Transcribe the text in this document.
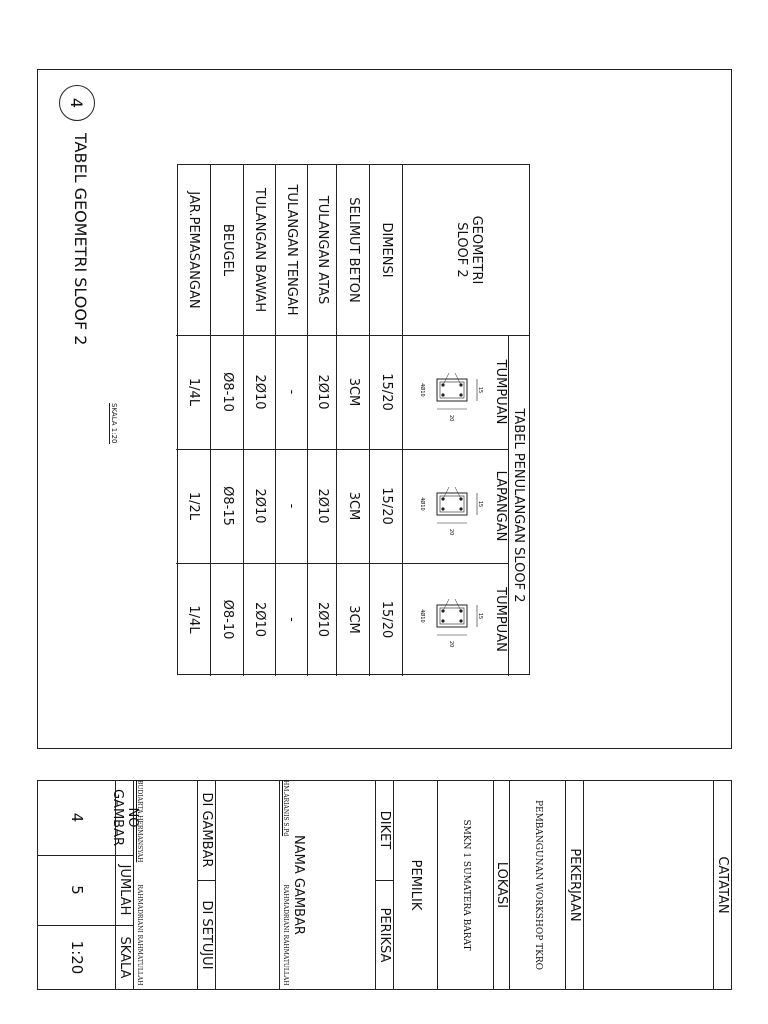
4
TABEL GEOMETRI SLOOF 2
SKALA 1:20	TABEL PENULANGAN SLOOF 2
GEOMETRI SLOOF 2
TUMPUAN
LAPANGAN
TUMPUAN
15
20
4Ø10
15
20
4Ø10
15
20
4Ø10
DIMENSI
15/20
15/20
15/20
SELIMUT BETON
3CM
3CM
3CM
TULANGAN ATAS
2Ø10
2Ø10
2Ø10
TULANGAN TENGAH
-
-
-
TULANGAN BAWAH
2Ø10
2Ø10
2Ø10
BEUGEL
Ø8-10
Ø8-15
Ø8-10
JAR.PEMASANGAN
1/4L
1/2L
1/4L
CATATAN
PEKERJAAN
PEMBANGUNAN WORKSHOP TKRO
LOKASI
SMKN 1 SUMATERA BARAT
PEMILIK
DIKET
PERIKSA
NAMA GAMBAR
HM.ARIANIS S.Pd
RAHMADRIANI RAHMATULLAH
DI GAMBAR
DI SETUJUI
BUDIARTA HERMANSYAH
RAHMADRIANI RAHMATULLAH
NO GAMBAR
JUMLAH
SKALA
4
5
1:20
